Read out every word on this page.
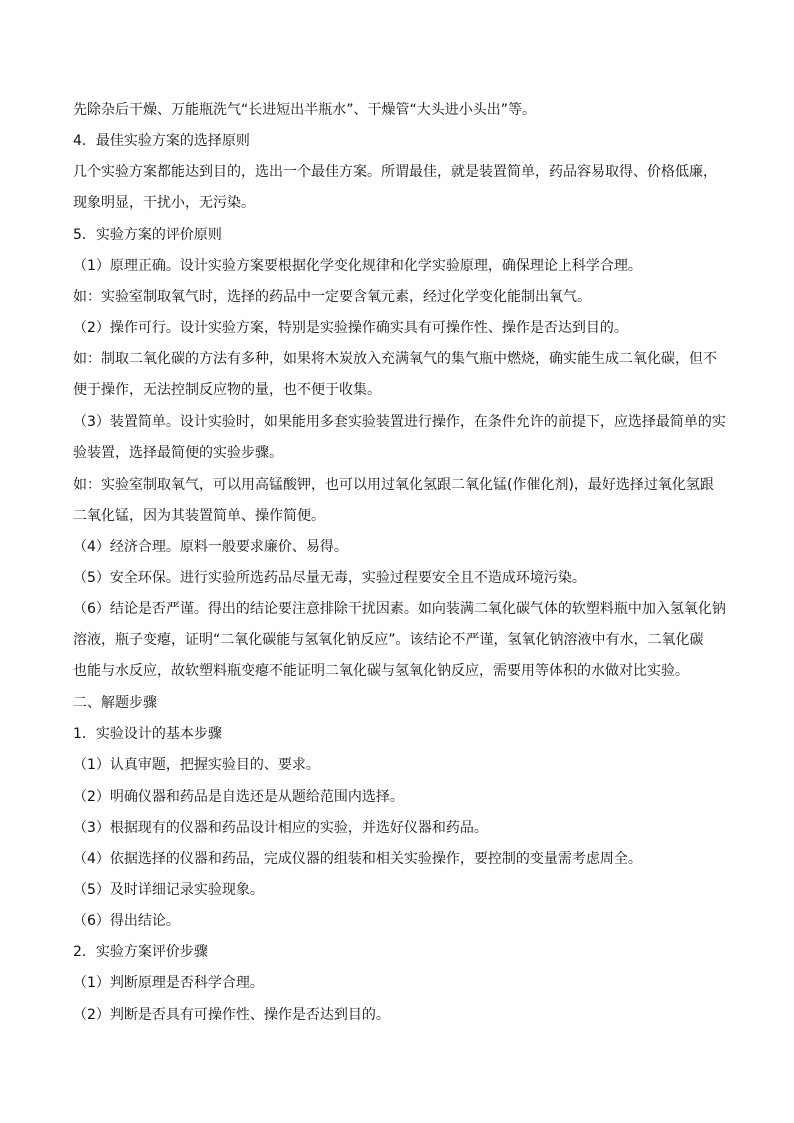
先除杂后干燥、万能瓶洗气“长进短出半瓶水”、干燥管“大头进小头出”等。
4．最佳实验方案的选择原则
几个实验方案都能达到目的，选出一个最佳方案。所谓最佳，就是装置简单，药品容易取得、价格低廉，
现象明显，干扰小，无污染。
5．实验方案的评价原则
（1）原理正确。设计实验方案要根据化学变化规律和化学实验原理，确保理论上科学合理。
如：实验室制取氧气时，选择的药品中一定要含氧元素，经过化学变化能制出氧气。
（2）操作可行。设计实验方案，特别是实验操作确实具有可操作性、操作是否达到目的。
如：制取二氧化碳的方法有多种，如果将木炭放入充满氧气的集气瓶中燃烧，确实能生成二氧化碳，但不
便于操作，无法控制反应物的量，也不便于收集。
（3）装置简单。设计实验时，如果能用多套实验装置进行操作，在条件允许的前提下，应选择最简单的实
验装置，选择最简便的实验步骤。
如：实验室制取氧气，可以用高锰酸钾，也可以用过氧化氢跟二氧化锰(作催化剂)，最好选择过氧化氢跟
二氧化锰，因为其装置简单、操作简便。
（4）经济合理。原料一般要求廉价、易得。
（5）安全环保。进行实验所选药品尽量无毒，实验过程要安全且不造成环境污染。
（6）结论是否严谨。得出的结论要注意排除干扰因素。如向装满二氧化碳气体的软塑料瓶中加入氢氧化钠
溶液，瓶子变瘪，证明“二氧化碳能与氢氧化钠反应”。该结论不严谨，氢氧化钠溶液中有水，二氧化碳
也能与水反应，故软塑料瓶变瘪不能证明二氧化碳与氢氧化钠反应，需要用等体积的水做对比实验。
二、解题步骤
1．实验设计的基本步骤
（1）认真审题，把握实验目的、要求。
（2）明确仪器和药品是自选还是从题给范围内选择。
（3）根据现有的仪器和药品设计相应的实验，并选好仪器和药品。
（4）依据选择的仪器和药品，完成仪器的组装和相关实验操作，要控制的变量需考虑周全。
（5）及时详细记录实验现象。
（6）得出结论。
2．实验方案评价步骤
（1）判断原理是否科学合理。
（2）判断是否具有可操作性、操作是否达到目的。
